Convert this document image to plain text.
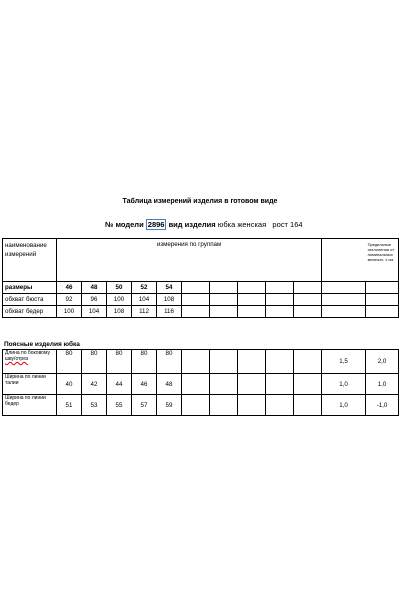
Таблица измерений изделия в готовом виде
№ модели 2896 вид изделия юбка женская рост 164
наименование измерений	измерения по группам											Предельные отклонения от номинальных величин, ± см.
размеры	46	48	50	52	54							
обхват бюста	92	96	100	104	108							
обхват бедер	100	104	108	112	116							
Поясные изделия юбка
Длина по боковому шву/отрез	80	80	80	80	80						1,5	2,0
Ширина по линии талии	40	42	44	46	48						1,0	1,0
Ширина по линии бедер	51	53	55	57	59						1,0	-1,0
